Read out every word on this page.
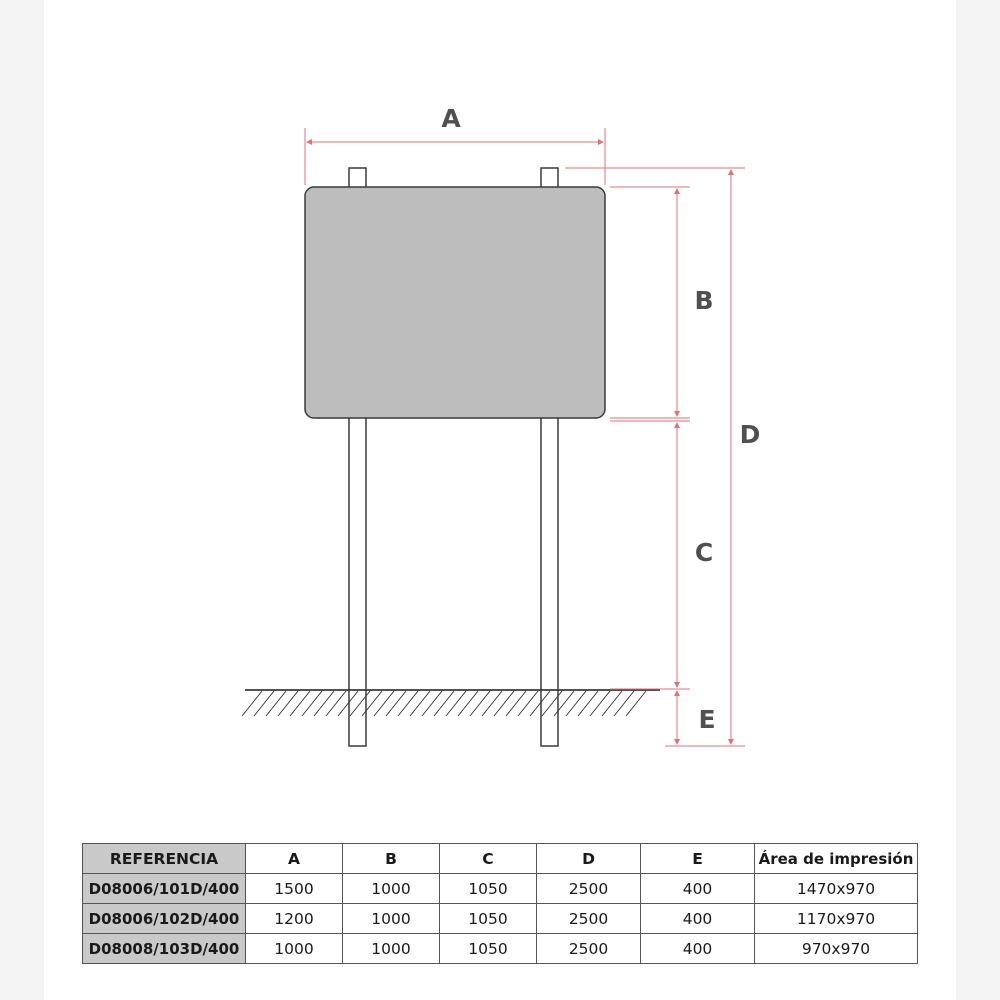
A
B
C
D
E
REFERENCIA	A	B	C	D	E	Área de impresión
D08006/101D/400	1500	1000	1050	2500	400	1470x970
D08006/102D/400	1200	1000	1050	2500	400	1170x970
D08008/103D/400	1000	1000	1050	2500	400	970x970
